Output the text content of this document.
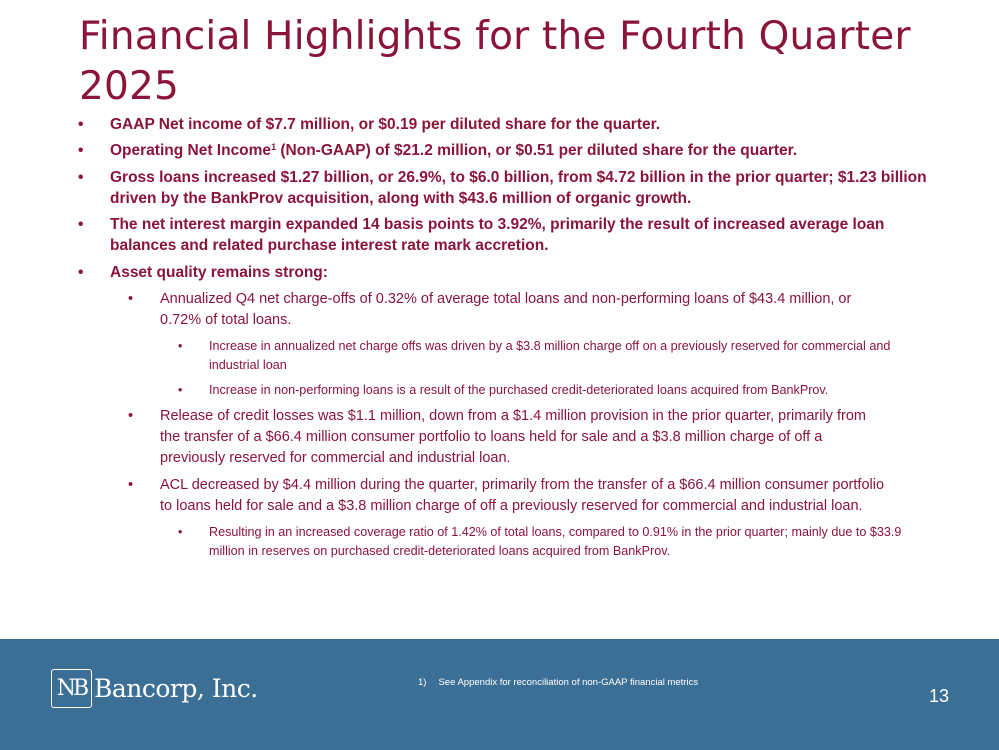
Financial Highlights for the Fourth Quarter 2025
• GAAP Net income of $7.7 million, or $0.19 per diluted share for the quarter.
• Operating Net Income$^1$ (Non-GAAP) of $21.2 million, or $0.51 per diluted share for the quarter.
• Gross loans increased $1.27 billion, or 26.9%, to $6.0 billion, from $4.72 billion in the prior quarter; $1.23 billion driven by the BankProv acquisition, along with $43.6 million of organic growth.
• The net interest margin expanded 14 basis points to 3.92%, primarily the result of increased average loan balances and related purchase interest rate mark accretion.
• Asset quality remains strong:
• Annualized Q4 net charge-offs of 0.32% of average total loans and non-performing loans of $43.4 million, or 0.72% of total loans.
• Increase in annualized net charge offs was driven by a $3.8 million charge off on a previously reserved for commercial and industrial loan
• Increase in non-performing loans is a result of the purchased credit-deteriorated loans acquired from BankProv.
• Release of credit losses was $1.1 million, down from a $1.4 million provision in the prior quarter, primarily from the transfer of a $66.4 million consumer portfolio to loans held for sale and a $3.8 million charge of off a previously reserved for commercial and industrial loan.
• ACL decreased by $4.4 million during the quarter, primarily from the transfer of a $66.4 million consumer portfolio to loans held for sale and a $3.8 million charge of off a previously reserved for commercial and industrial loan.
• Resulting in an increased coverage ratio of 1.42% of total loans, compared to 0.91% in the prior quarter; mainly due to $33.9 million in reserves on purchased credit-deteriorated loans acquired from BankProv.
NB Bancorp, Inc.	1) See Appendix for reconciliation of non-GAAP financial metrics
13
